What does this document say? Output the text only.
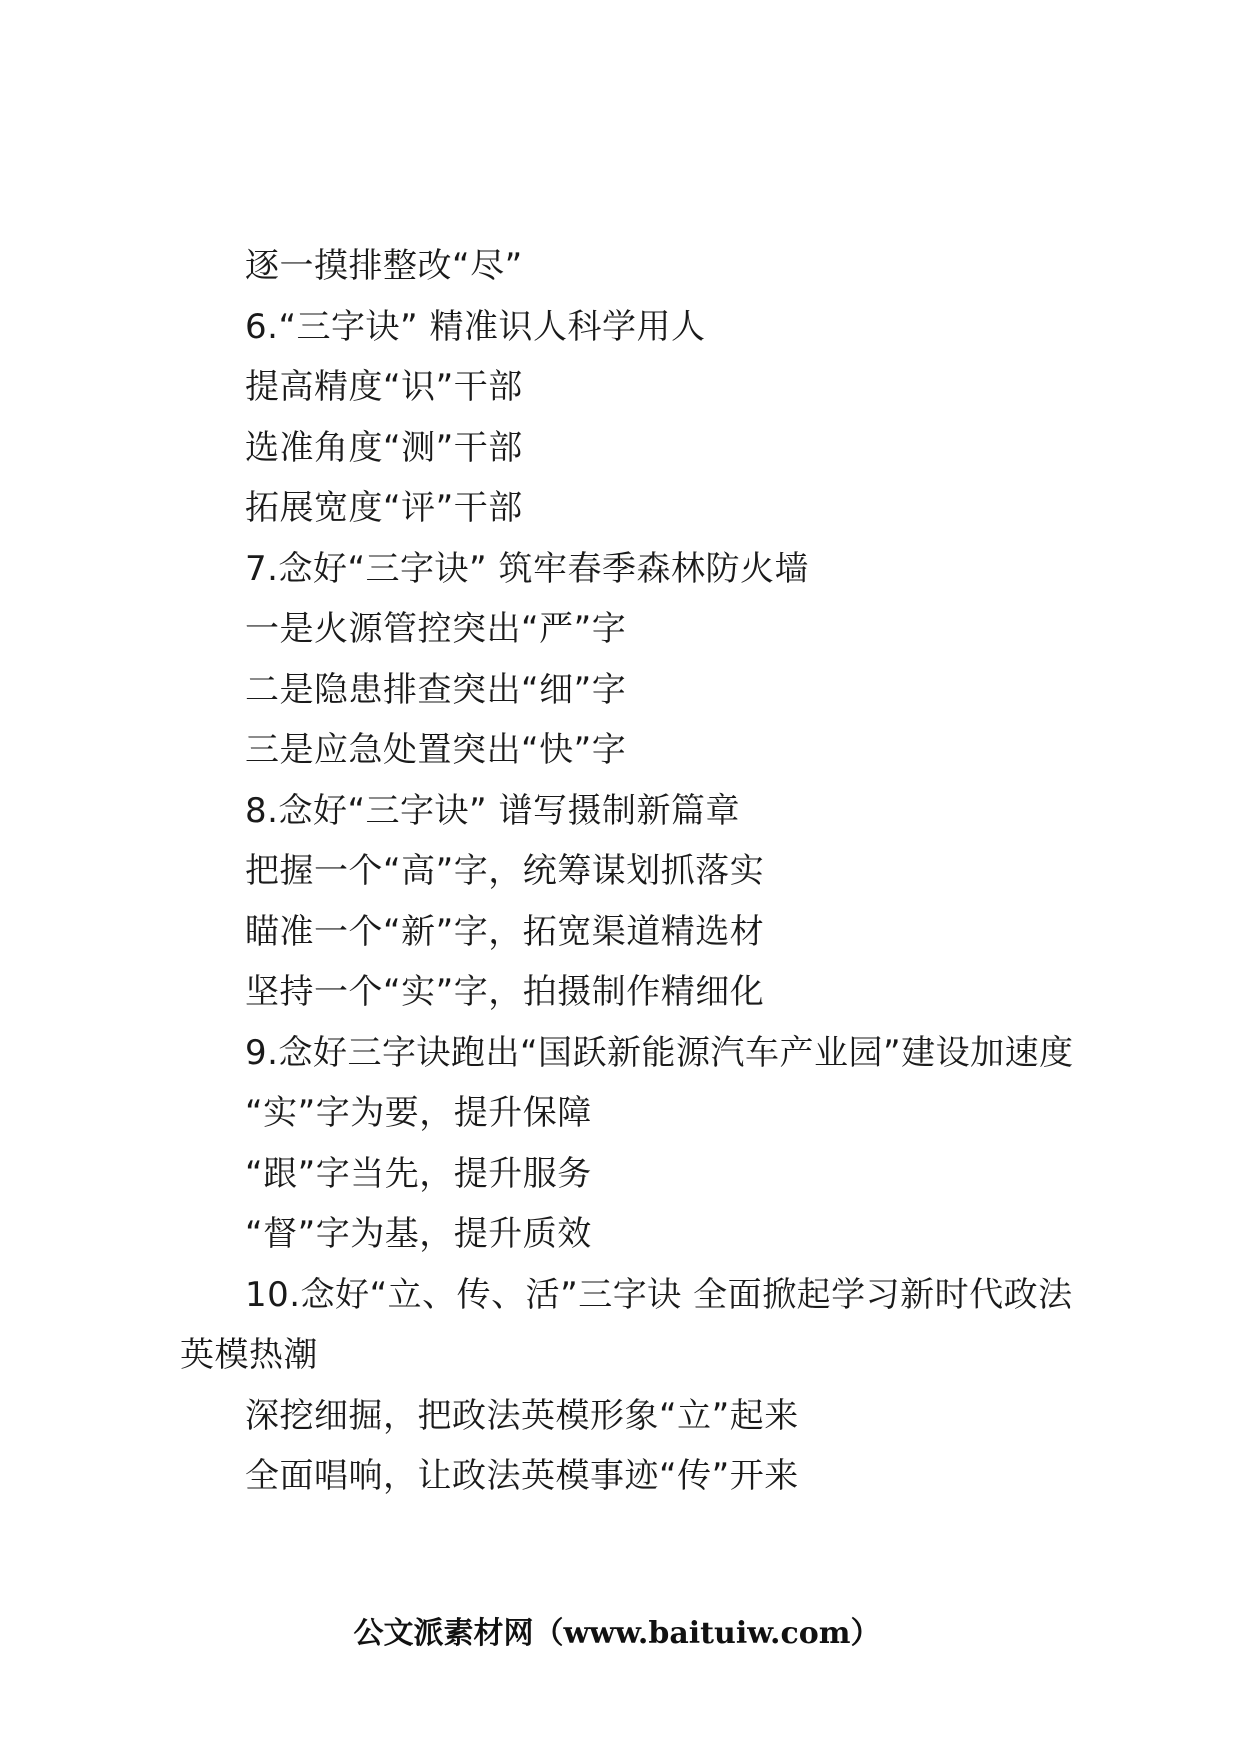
逐一摸排整改“尽”
6.“三字诀” 精准识人科学用人
提高精度“识”干部
选准角度“测”干部
拓展宽度“评”干部
7.念好“三字诀” 筑牢春季森林防火墙
一是火源管控突出“严”字
二是隐患排查突出“细”字
三是应急处置突出“快”字
8.念好“三字诀” 谱写摄制新篇章
把握一个“高”字，统筹谋划抓落实
瞄准一个“新”字，拓宽渠道精选材
坚持一个“实”字，拍摄制作精细化
9.念好三字诀跑出“国跃新能源汽车产业园”建设加速度
“实”字为要，提升保障
“跟”字当先，提升服务
“督”字为基，提升质效
10.念好“立、传、活”三字诀 全面掀起学习新时代政法
英模热潮
深挖细掘，把政法英模形象“立”起来
全面唱响，让政法英模事迹“传”开来
公文派素材网（www.baituiw.com）
